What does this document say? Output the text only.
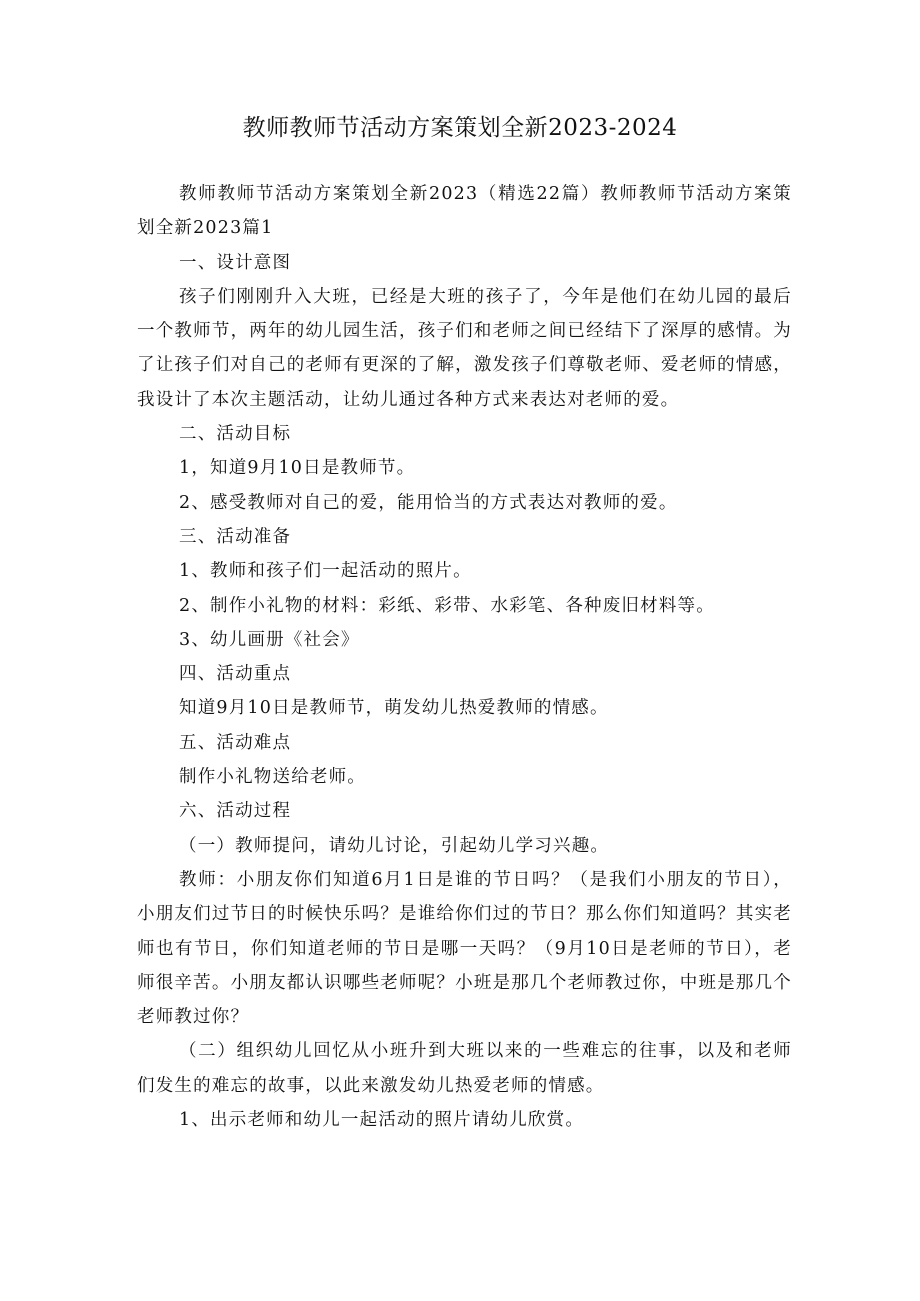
教师教师节活动方案策划全新2023-2024

教师教师节活动方案策划全新2023（精选22篇）教师教师节活动方案策划全新2023篇1

一、设计意图

孩子们刚刚升入大班，已经是大班的孩子了，今年是他们在幼儿园的最后一个教师节，两年的幼儿园生活，孩子们和老师之间已经结下了深厚的感情。为了让孩子们对自己的老师有更深的了解，激发孩子们尊敬老师、爱老师的情感，我设计了本次主题活动，让幼儿通过各种方式来表达对老师的爱。

二、活动目标

1，知道9月10日是教师节。

2、感受教师对自己的爱，能用恰当的方式表达对教师的爱。

三、活动准备

1、教师和孩子们一起活动的照片。

2、制作小礼物的材料：彩纸、彩带、水彩笔、各种废旧材料等。

3、幼儿画册《社会》

四、活动重点

知道9月10日是教师节，萌发幼儿热爱教师的情感。

五、活动难点

制作小礼物送给老师。

六、活动过程

（一）教师提问，请幼儿讨论，引起幼儿学习兴趣。

教师：小朋友你们知道6月1日是谁的节日吗？（是我们小朋友的节日），小朋友们过节日的时候快乐吗？是谁给你们过的节日？那么你们知道吗？其实老师也有节日，你们知道老师的节日是哪一天吗？（9月10日是老师的节日），老师很辛苦。小朋友都认识哪些老师呢？小班是那几个老师教过你，中班是那几个老师教过你？

（二）组织幼儿回忆从小班升到大班以来的一些难忘的往事，以及和老师们发生的难忘的故事，以此来激发幼儿热爱老师的情感。

1、出示老师和幼儿一起活动的照片请幼儿欣赏。
